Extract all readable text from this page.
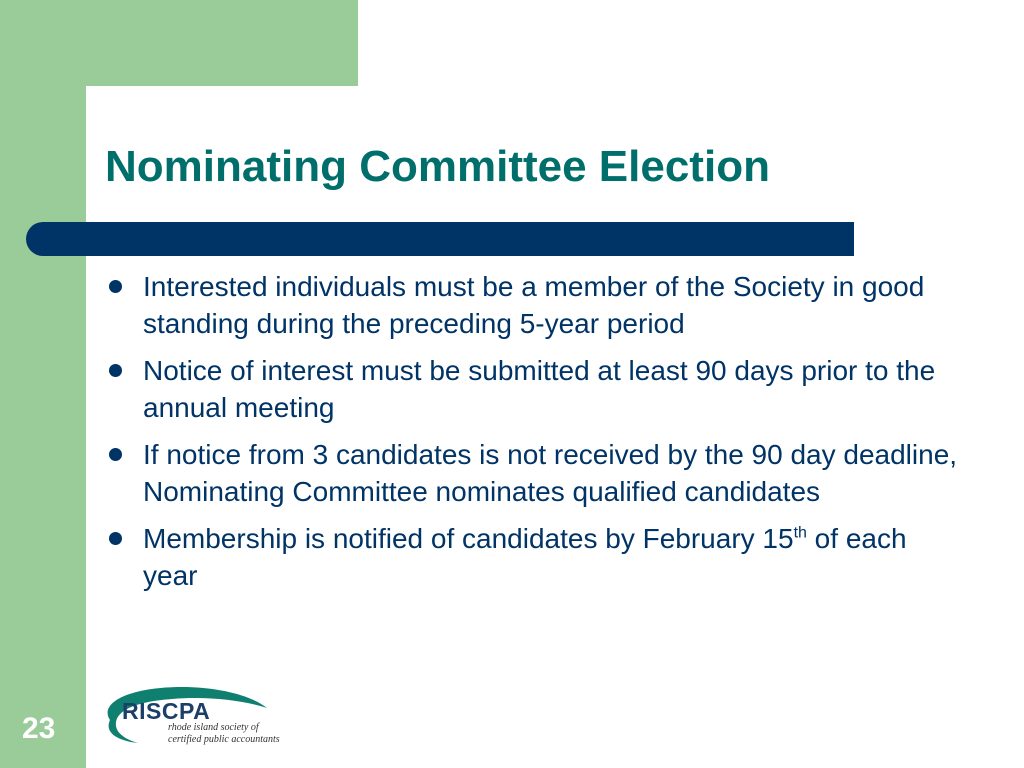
Nominating Committee Election
Interested individuals must be a member of the Society in good standing during the preceding 5-year period
Notice of interest must be submitted at least 90 days prior to the annual meeting
If notice from 3 candidates is not received by the 90 day deadline, Nominating Committee nominates qualified candidates
Membership is notified of candidates by February 15th of each year
23
RISCPA
rhode island society of
certified public accountants
